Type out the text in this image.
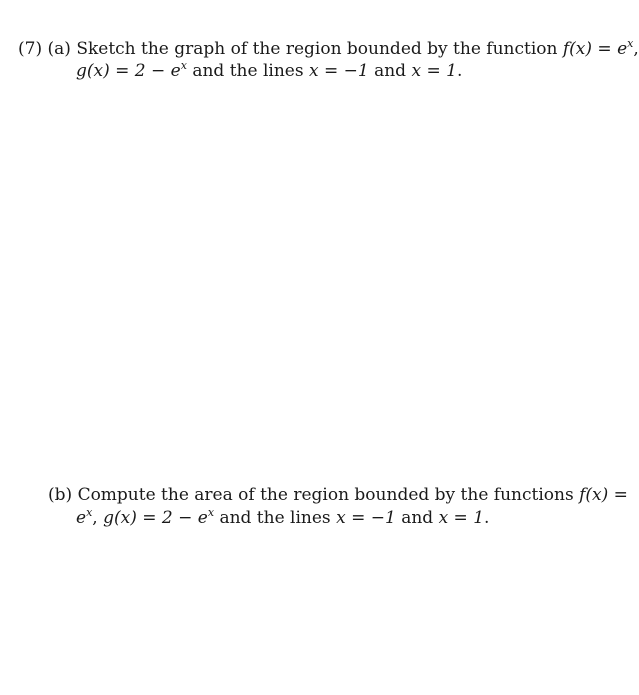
(7) (a) Sketch the graph of the region bounded by the function $f(x) = e^x$,
$g(x) = 2 - e^x$ and the lines x = −1 and x = 1.
(b) Compute the area of the region bounded by the functions f(x) =
$e^x$, $g(x) = 2 - e^x$ and the lines x = −1 and x = 1.
